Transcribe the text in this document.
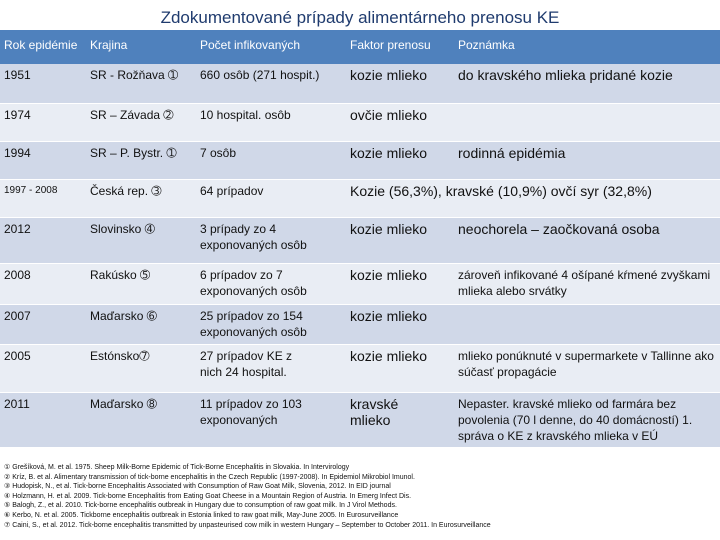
Zdokumentované prípady alimentárneho prenosu KE
Rok epidémie	Krajina	Počet infikovaných	Faktor prenosu	Poznámka
1951	SR - Rožňava ➀	660 osôb (271 hospit.)	kozie mlieko	do kravského mlieka pridané kozie
1974	SR – Závada ➁	10 hospital. osôb	ovčie mlieko	
1994	SR – P. Bystr. ➀	7 osôb	kozie mlieko	rodinná epidémia
1997 - 2008	Česká rep. ➂	64 prípadov	Kozie (56,3%), kravské (10,9%) ovčí syr (32,8%)	
2012	Slovinsko ➃	3 prípady zo 4 exponovaných osôb	kozie mlieko	neochorela – zaočkovaná osoba
2008	Rakúsko ➄	6 prípadov zo 7 exponovaných osôb	kozie mlieko	zároveň infikované 4 ošípané kŕmené zvyškami mlieka alebo srvátky
2007	Maďarsko ➅	25 prípadov zo 154 exponovaných osôb	kozie mlieko	
2005	Estónsko➆	27 prípadov KE z nich 24 hospital.	kozie mlieko	mlieko ponúknuté v supermarkete v Tallinne ako súčasť propagácie
2011	Maďarsko ➇	11 prípadov zo 103 exponovaných	kravské mlieko	Nepaster. kravské mlieko od farmára bez povolenia (70 l denne, do 40 domácností) 1. správa o KE z kravského mlieka v EÚ
① Grešíková, M. et al. 1975. Sheep Milk-Borne Epidemic of Tick-Borne Encephalitis in Slovakia. In Intervirology
② Kríz, B. et al. Alimentary transmission of tick-borne encephalitis in the Czech Republic (1997-2008). In Epidemiol Mikrobiol Imunol.
③ Hudopisk, N., et al. Tick-borne Encephalitis Associated with Consumption of Raw Goat Milk, Slovenia, 2012. In EID journal
④ Holzmann, H. et al. 2009. Tick-borne Encephalitis from Eating Goat Cheese in a Mountain Region of Austria. In Emerg Infect Dis.
⑤ Balogh, Z., et al. 2010. Tick-borne encephalitis outbreak in Hungary due to consumption of raw goat milk. In J Virol Methods.
⑥ Kerbo, N. et al. 2005. Tickborne encephalitis outbreak in Estonia linked to raw goat milk, May-June 2005. In Eurosurveillance
⑦ Caini, S., et al. 2012. Tick-borne encephalitis transmitted by unpasteurised cow milk in western Hungary – September to October 2011. In Eurosurveillance
